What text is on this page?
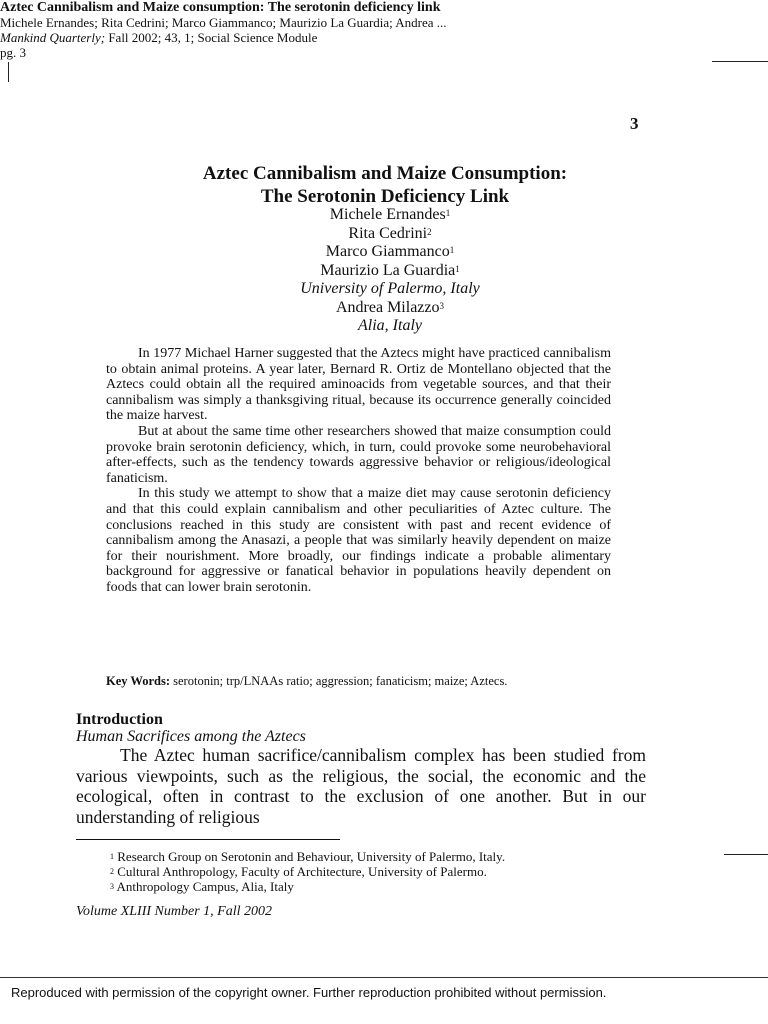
Aztec Cannibalism and Maize consumption: The serotonin deficiency link
Michele Ernandes; Rita Cedrini; Marco Giammanco; Maurizio La Guardia; Andrea ...
Mankind Quarterly; Fall 2002; 43, 1; Social Science Module
pg. 3
3
Aztec Cannibalism and Maize Consumption:
The Serotonin Deficiency Link
Michele Ernandes$^1$
Rita Cedrini$^2$
Marco Giammanco$^1$
Maurizio La Guardia$^1$
University of Palermo, Italy
Andrea Milazzo$^3$
Alia, Italy

In 1977 Michael Harner suggested that the Aztecs might have practiced cannibalism to obtain animal proteins. A year later, Bernard R. Ortiz de Montellano objected that the Aztecs could obtain all the required aminoacids from vegetable sources, and that their cannibalism was simply a thanksgiving ritual, because its occurrence generally coincided the maize harvest.

But at about the same time other researchers showed that maize consumption could provoke brain serotonin deficiency, which, in turn, could provoke some neurobehavioral after-effects, such as the tendency towards aggressive behavior or religious/ideological fanaticism.

In this study we attempt to show that a maize diet may cause serotonin deficiency and that this could explain cannibalism and other peculiarities of Aztec culture. The conclusions reached in this study are consistent with past and recent evidence of cannibalism among the Anasazi, a people that was similarly heavily dependent on maize for their nourishment. More broadly, our findings indicate a probable alimentary background for aggressive or fanatical behavior in populations heavily dependent on foods that can lower brain serotonin.

Key Words: serotonin; trp/LNAAs ratio; aggression; fanaticism; maize; Aztecs.
Introduction
Human Sacrifices among the Aztecs

The Aztec human sacrifice/cannibalism complex has been studied from various viewpoints, such as the religious, the social, the economic and the ecological, often in contrast to the exclusion of one another. But in our understanding of religious

$^1$ Research Group on Serotonin and Behaviour, University of Palermo, Italy.
$^2$ Cultural Anthropology, Faculty of Architecture, University of Palermo.
$^3$ Anthropology Campus, Alia, Italy
Volume XLIII Number 1, Fall 2002
Reproduced with permission of the copyright owner. Further reproduction prohibited without permission.
